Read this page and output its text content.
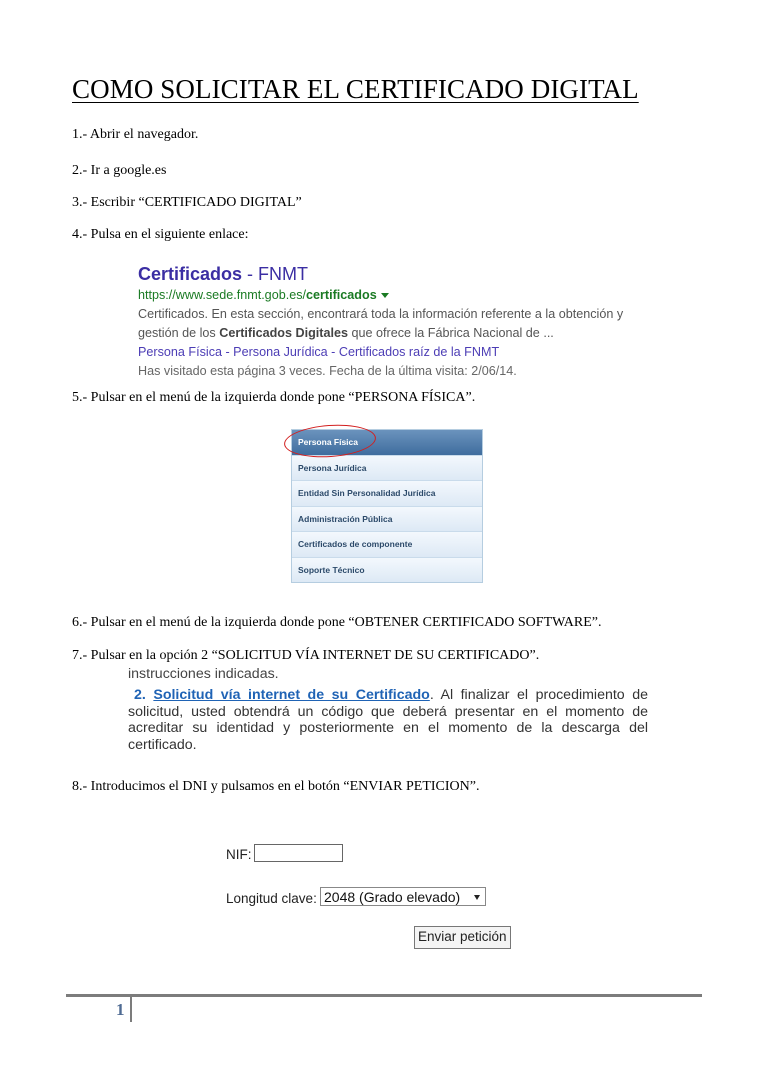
COMO SOLICITAR EL CERTIFICADO DIGITAL

1.- Abrir el navegador.

2.- Ir a google.es

3.- Escribir “CERTIFICADO DIGITAL”

4.- Pulsa en el siguiente enlace:

Certificados - FNMT
https://www.sede.fnmt.gob.es/certificados
Certificados. En esta sección, encontrará toda la información referente a la obtención y
gestión de los Certificados Digitales que ofrece la Fábrica Nacional de ...
Persona Física - Persona Jurídica - Certificados raíz de la FNMT
Has visitado esta página 3 veces. Fecha de la última visita: 2/06/14.

5.- Pulsar en el menú de la izquierda donde pone “PERSONA FÍSICA”.

Persona Física
Persona Jurídica
Entidad Sin Personalidad Jurídica
Administración Pública
Certificados de componente
Soporte Técnico

6.- Pulsar en el menú de la izquierda donde pone “OBTENER CERTIFICADO SOFTWARE”.

7.- Pulsar en la opción 2 “SOLICITUD VÍA INTERNET DE SU CERTIFICADO”.

instrucciones indicadas.
2. Solicitud vía internet de su Certificado. Al finalizar el procedimiento de solicitud, usted obtendrá un código que deberá presentar en el momento de acreditar su identidad y posteriormente en el momento de la descarga del certificado.

8.- Introducimos el DNI y pulsamos en el botón “ENVIAR PETICION”.

NIF:
Longitud clave: 2048 (Grado elevado)
Enviar petición
1
